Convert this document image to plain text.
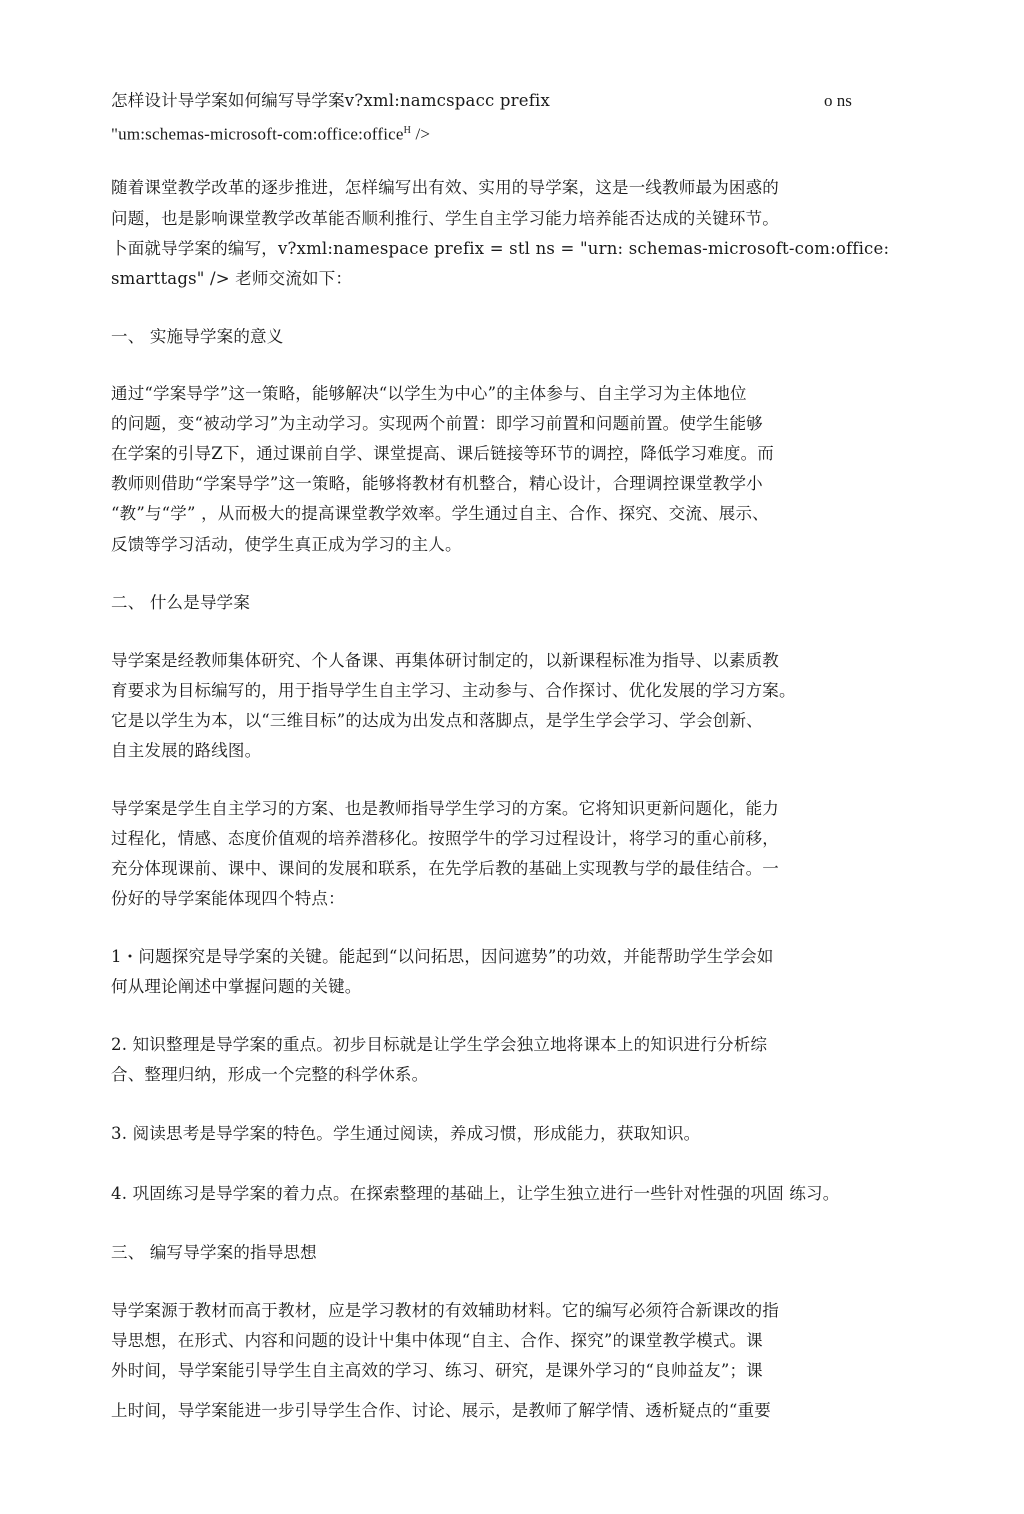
怎样设计导学案如何编写导学案v?xml:namcspacc prefix	o ns
"um:schemas-microsoft-com:office:office$^H$ />
随着课堂教学改革的逐步推进，怎样编写出有效、实用的导学案，这是一线教师最为困惑的
问题，也是影响课堂教学改革能否顺利推行、学生自主学习能力培养能否达成的关键环节。
卜面就导学案的编写，v?xml:namespace prefix = stl ns = "urn: schemas-microsoft-com:office:
smarttags" /> 老师交流如下：
一、 实施导学案的意义
通过“学案导学”这一策略，能够解决“以学生为中心”的主体参与、自主学习为主体地位
的问题，变“被动学习”为主动学习。实现两个前置：即学习前置和问题前置。使学生能够
在学案的引导Z下，通过课前自学、课堂提高、课后链接等环节的调控，降低学习难度。而
教师则借助“学案导学”这一策略，能够将教材有机整合，精心设计，合理调控课堂教学小
“教”与“学” ，从而极大的提高课堂教学效率。学生通过自主、合作、探究、交流、展示、
反馈等学习活动，使学生真正成为学习的主人。
二、 什么是导学案
导学案是经教师集体研究、个人备课、再集体研讨制定的，以新课程标准为指导、以素质教
育要求为目标编写的，用于指导学生自主学习、主动参与、合作探讨、优化发展的学习方案。
它是以学生为本，以“三维目标”的达成为出发点和落脚点，是学生学会学习、学会创新、
自主发展的路线图。
导学案是学生自主学习的方案、也是教师指导学生学习的方案。它将知识更新问题化，能力
过程化，情感、态度价值观的培养潜移化。按照学牛的学习过程设计，将学习的重心前移，
充分体现课前、课中、课间的发展和联系，在先学后教的基础上实现教与学的最佳结合。一
份好的导学案能体现四个特点：
1・问题探究是导学案的关键。能起到“以问拓思，因问遮势”的功效，并能帮助学生学会如
何从理论阐述中掌握问题的关键。
2. 知识整理是导学案的重点。初步目标就是让学生学会独立地将课本上的知识进行分析综
合、整理归纳，形成一个完整的科学休系。
3. 阅读思考是导学案的特色。学生通过阅读，养成习惯，形成能力，获取知识。
4. 巩固练习是导学案的着力点。在探索整理的基础上，让学生独立进行一些针对性强的巩固 练习。
三、 编写导学案的指导思想
导学案源于教材而高于教材，应是学习教材的有效辅助材料。它的编写必须符合新课改的指
导思想，在形式、内容和问题的设计屮集中体现“自主、合作、探究”的课堂教学模式。课
外时间，导学案能引导学生自主高效的学习、练习、研究，是课外学习的“良帅益友”；课
上时间，导学案能进一步引导学生合作、讨论、展示，是教师了解学情、透析疑点的“重要
